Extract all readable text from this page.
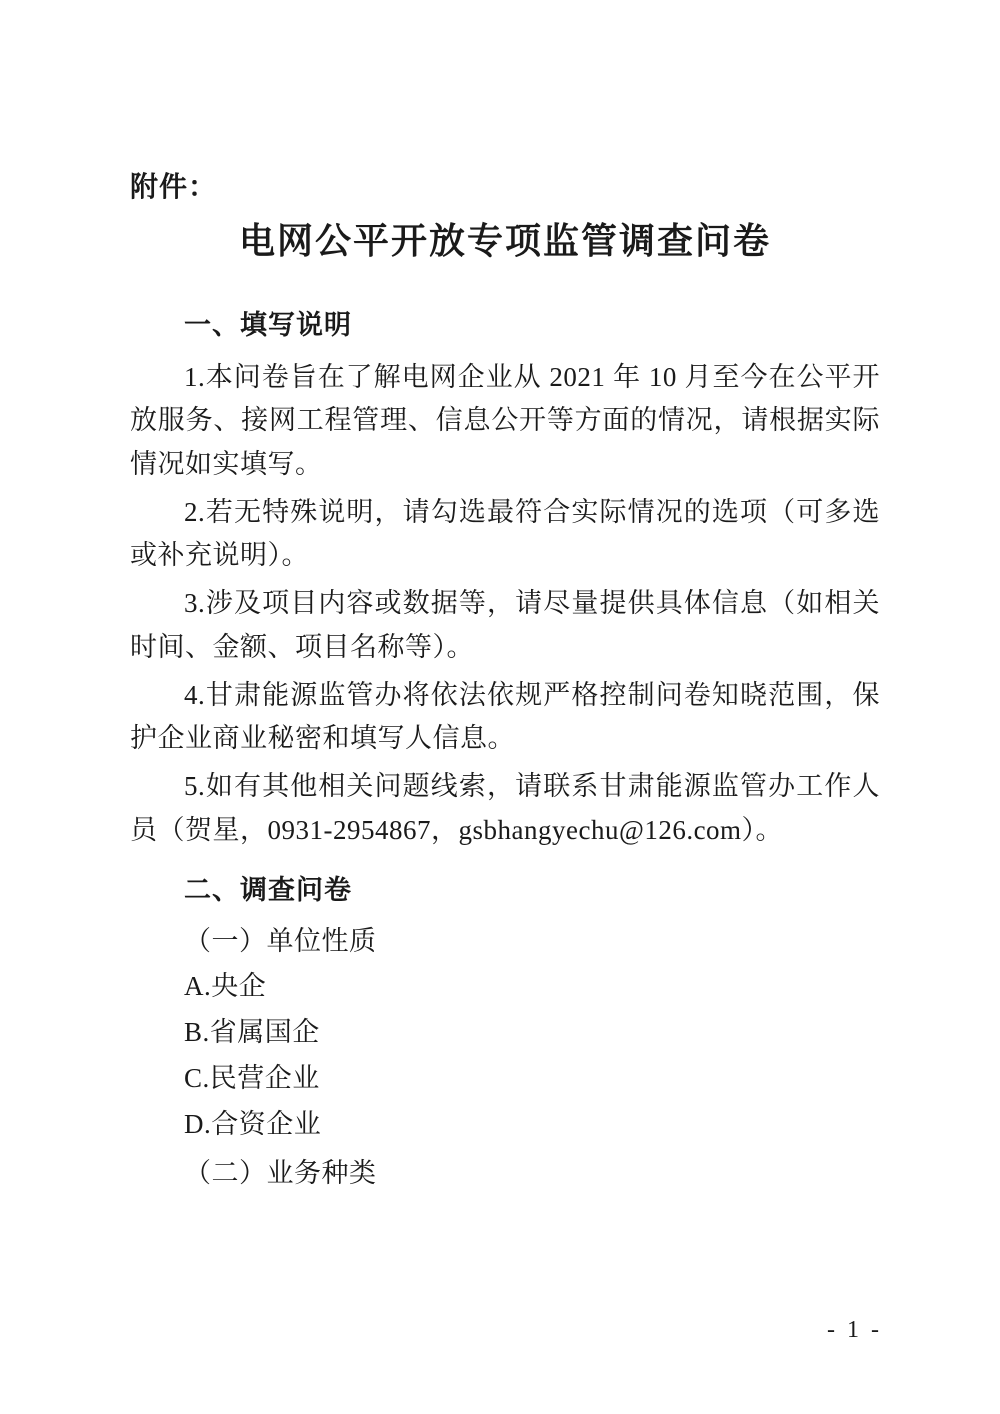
附件：
电网公平开放专项监管调查问卷
一、填写说明

1.本问卷旨在了解电网企业从 2021 年 10 月至今在公平开放服务、接网工程管理、信息公开等方面的情况，请根据实际情况如实填写。

2.若无特殊说明，请勾选最符合实际情况的选项（可多选或补充说明）。

3.涉及项目内容或数据等，请尽量提供具体信息（如相关时间、金额、项目名称等）。

4.甘肃能源监管办将依法依规严格控制问卷知晓范围，保护企业商业秘密和填写人信息。

5.如有其他相关问题线索，请联系甘肃能源监管办工作人员（贺星，0931-2954867，gsbhangyechu@126.com）。

二、调查问卷

（一）单位性质

A.央企

B.省属国企

C.民营企业

D.合资企业

（二）业务种类

- 1 -
